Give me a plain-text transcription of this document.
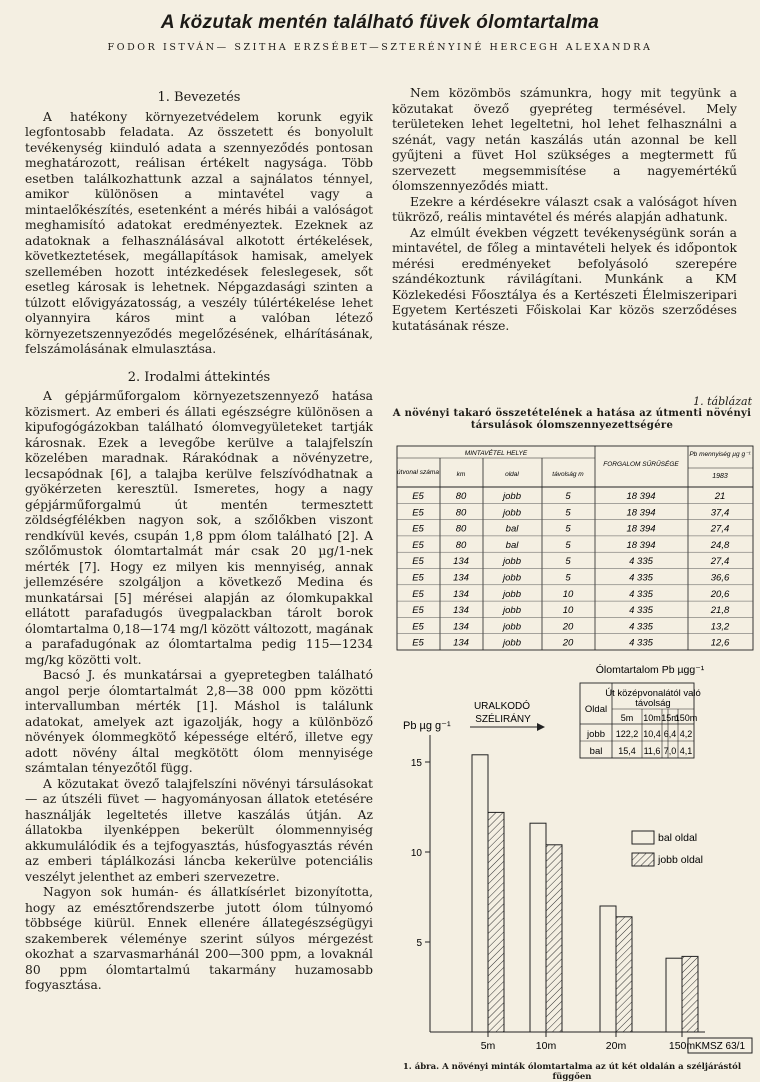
A közutak mentén található füvek ólomtartalma
FODOR ISTVÁN— SZITHA ERZSÉBET—SZTERÉNYINÉ HERCEGH ALEXANDRA
1. Bevezetés

A hatékony környezetvédelem korunk egyik legfontosabb feladata. Az összetett és bonyolult tevékenység kiinduló adata a szennyeződés pontosan meghatározott, reálisan értékelt nagysága. Több esetben találkozhattunk azzal a sajnálatos ténnyel, amikor különösen a mintavétel vagy a mintaelőkészítés, esetenként a mérés hibái a valóságot meghamisító adatokat eredményeztek. Ezeknek az adatoknak a felhasználásával alkotott értékelések, következtetések, megállapítások hamisak, amelyek szellemében hozott intézkedések feleslegesek, sőt esetleg károsak is lehetnek. Népgazdasági szinten a túlzott elővigyázatosság, a veszély túlértékelése lehet olyannyira káros mint a valóban létező környezetszennyeződés megelőzésének, elhárításának, felszámolásának elmulasztása.

2. Irodalmi áttekintés

A gépjárműforgalom környezetszennyező hatása közismert. Az emberi és állati egészségre különösen a kipufogógázokban található ólomvegyületeket tartják károsnak. Ezek a levegőbe kerülve a talajfelszín közelében maradnak. Rárakódnak a növényzetre, lecsapódnak [6], a talajba kerülve felszívódhatnak a gyökérzeten keresztül. Ismeretes, hogy a nagy gépjárműforgalmú út mentén termesztett zöldségfélékben nagyon sok, a szőlőkben viszont rendkívül kevés, csupán 1,8 ppm ólom található [2]. A szőlőmustok ólomtartalmát már csak 20 µg/1-nek mérték [7]. Hogy ez milyen kis mennyiség, annak jellemzésére szolgáljon a következő Medina és munkatársai [5] mérései alapján az ólomkupakkal ellátott parafadugós üvegpalackban tárolt borok ólomtartalma 0,18—174 mg/l között változott, magának a parafadugónak az ólomtartalma pedig 115—1234 mg/kg közötti volt.

Bacsó J. és munkatársai a gyepretegben található angol perje ólomtartalmát 2,8—38 000 ppm közötti intervallumban mérték [1]. Máshol is találunk adatokat, amelyek azt igazolják, hogy a különböző növények ólommegkötő képessége eltérő, illetve egy adott növény által megkötött ólom mennyisége számtalan tényezőtől függ.

A közutakat övező talajfelszíni növényi társulásokat — az útszéli füvet — hagyományosan állatok etetésére használják legeltetés illetve kaszálás útján. Az állatokba ilyenképpen bekerült ólommennyiség akkumulálódik és a tejfogyasztás, húsfogyasztás révén az emberi táplálkozási láncba kekerülve potenciális veszélyt jelenthet az emberi szervezetre.

Nagyon sok humán- és állatkísérlet bizonyította, hogy az emésztőrendszerbe jutott ólom túlnyomó többsége kiürül. Ennek ellenére állategészségügyi szakemberek véleménye szerint súlyos mérgezést okozhat a szarvasmarhánál 200—300 ppm, a lovaknál 80 ppm ólomtartalmú takarmány huzamosabb fogyasztása.

Nem közömbös számunkra, hogy mit tegyünk a közutakat övező gyepréteg termésével. Mely területeken lehet legeltetni, hol lehet felhasználni a szénát, vagy netán kaszálás után azonnal be kell gyűjteni a füvet Hol szükséges a megtermett fű szervezett megsemmisítése a nagyemértékű ólomszennyeződés miatt.

Ezekre a kérdésekre választ csak a valóságot híven tükröző, reális mintavétel és mérés alapján adhatunk.

Az elmúlt években végzett tevékenységünk során a mintavétel, de főleg a mintavételi helyek és időpontok mérési eredményeket befolyásoló szerepére szándékoztunk rávilágítani. Munkánk a KM Közlekedési Főosztálya és a Kertészeti Élelmiszeripari Egyetem Kertészeti Főiskolai Kar közös szerződéses kutatásának része.

1. táblázat
A növényi takaró összetételének a hatása az útmenti növényi társulások ólomszennyezettségére
MINTAVÉTEL HELYE
útvonal száma	km	oldal	távolság m
FORGALOM SŰRŰSÉGE
Pb mennyiség µg g⁻¹
1983
E5	80	jobb	5	18 394	21
E5	80	jobb	5	18 394	37,4
E5	80	bal	5	18 394	27,4
E5	80	bal	5	18 394	24,8
E5	134	jobb	5	4 335	27,4
E5	134	jobb	5	4 335	36,6
E5	134	jobb	10	4 335	20,6
E5	134	jobb	10	4 335	21,8
E5	134	jobb	20	4 335	13,2
E5	134	jobb	20	4 335	12,6
Ólomtartalom Pb µgg⁻¹
Oldal
Út középvonalától való
távolság
5m 10m 15m
150m
jobb 122,2 10,4 6,4 4,2
bal 15,4 11,6 7,0 4,1
URALKODÓ
SZÉLIRÁNY
Pb µg g⁻¹
5
10
15
5m	10m	20m	150m
bal oldal
jobb oldal
KMSZ 63/1
1. ábra. A növényi minták ólomtartalma az út két oldalán a széljárástól függően
